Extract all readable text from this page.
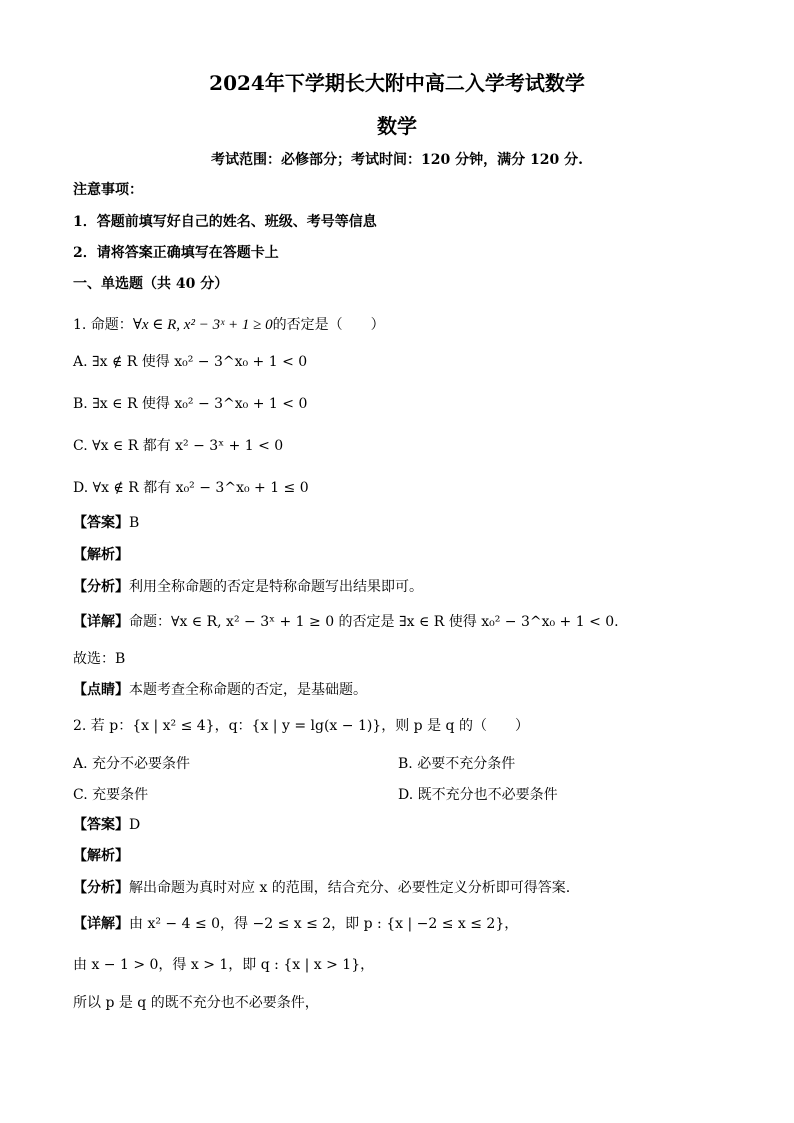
2024年下学期长大附中高二入学考试数学
数学
考试范围：必修部分；考试时间：120 分钟，满分 120 分.
注意事项：
1．答题前填写好自己的姓名、班级、考号等信息
2．请将答案正确填写在答题卡上
一、单选题（共 40 分）
1. 命题：∀x ∈ R, x² − 3ˣ + 1 ≥ 0的否定是（　　）
A. ∃x ∉ R 使得 x₀² − 3^x₀ + 1 < 0
B. ∃x ∈ R 使得 x₀² − 3^x₀ + 1 < 0
C. ∀x ∈ R 都有 x² − 3ˣ + 1 < 0
D. ∀x ∉ R 都有 x₀² − 3^x₀ + 1 ≤ 0
【答案】B
【解析】
【分析】利用全称命题的否定是特称命题写出结果即可。
【详解】命题：∀x ∈ R, x² − 3ˣ + 1 ≥ 0 的否定是 ∃x ∈ R 使得 x₀² − 3^x₀ + 1 < 0.
故选：B
【点睛】本题考查全称命题的否定，是基础题。
2. 若 p：{x | x² ≤ 4}，q：{x | y = lg(x − 1)}，则 p 是 q 的（　　）
A. 充分不必要条件	B. 必要不充分条件
C. 充要条件	D. 既不充分也不必要条件
【答案】D
【解析】
【分析】解出命题为真时对应 x 的范围，结合充分、必要性定义分析即可得答案.
【详解】由 x² − 4 ≤ 0，得 −2 ≤ x ≤ 2，即 p : {x | −2 ≤ x ≤ 2}，
由 x − 1 > 0，得 x > 1，即 q : {x | x > 1}，
所以 p 是 q 的既不充分也不必要条件，
